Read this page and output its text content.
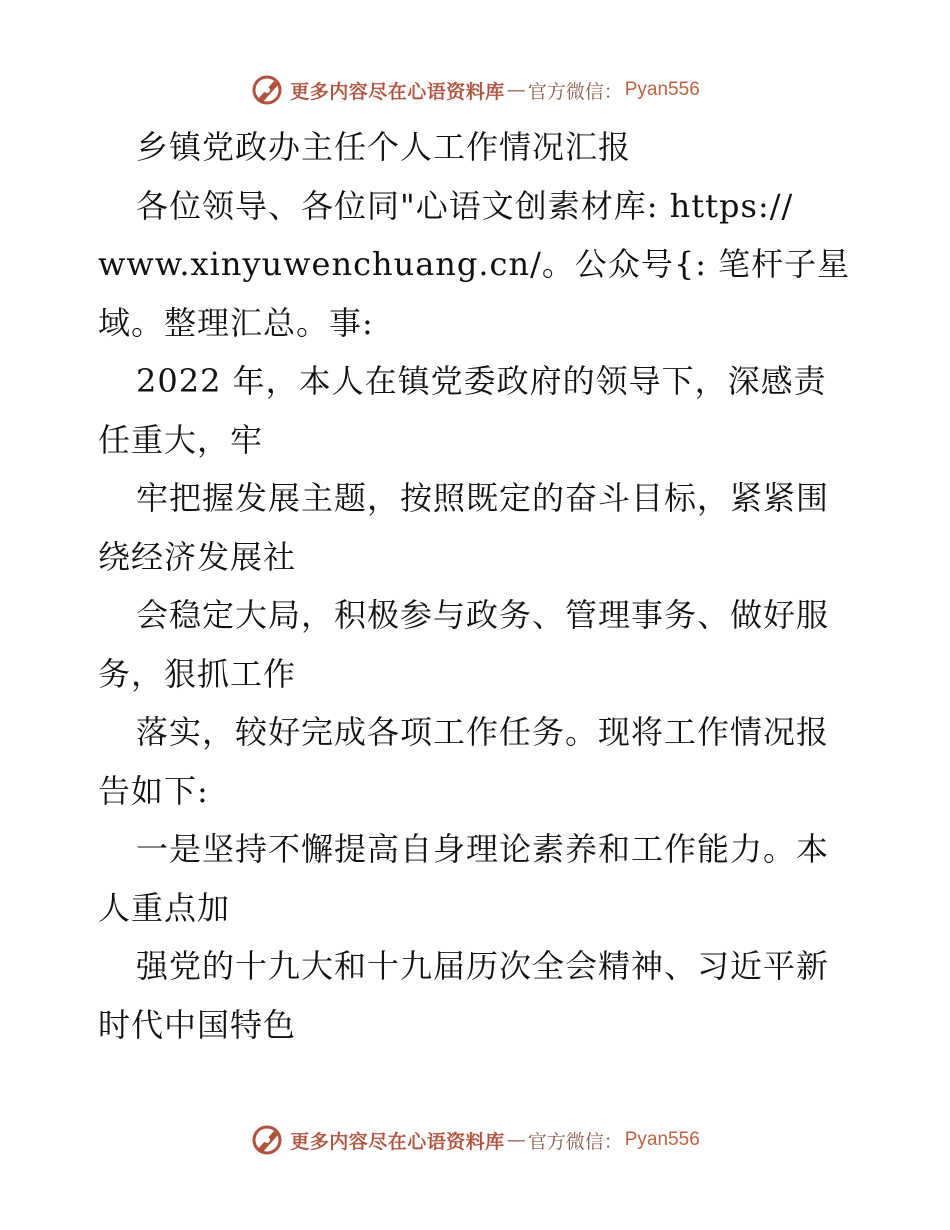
更多内容尽在心语资料库 — 官方微信： Pyan556
乡镇党政办主任个人工作情况汇报
各位领导、各位同"心语文创素材库: https://
www.xinyuwenchuang.cn/。公众号{: 笔杆子星
域。整理汇总。事:
2022 年，本人在镇党委政府的领导下，深感责
任重大，牢
牢把握发展主题，按照既定的奋斗目标，紧紧围
绕经济发展社
会稳定大局，积极参与政务、管理事务、做好服
务，狠抓工作
落实，较好完成各项工作任务。现将工作情况报
告如下:
一是坚持不懈提高自身理论素养和工作能力。本
人重点加
强党的十九大和十九届历次全会精神、习近平新
时代中国特色
更多内容尽在心语资料库 — 官方微信： Pyan556
